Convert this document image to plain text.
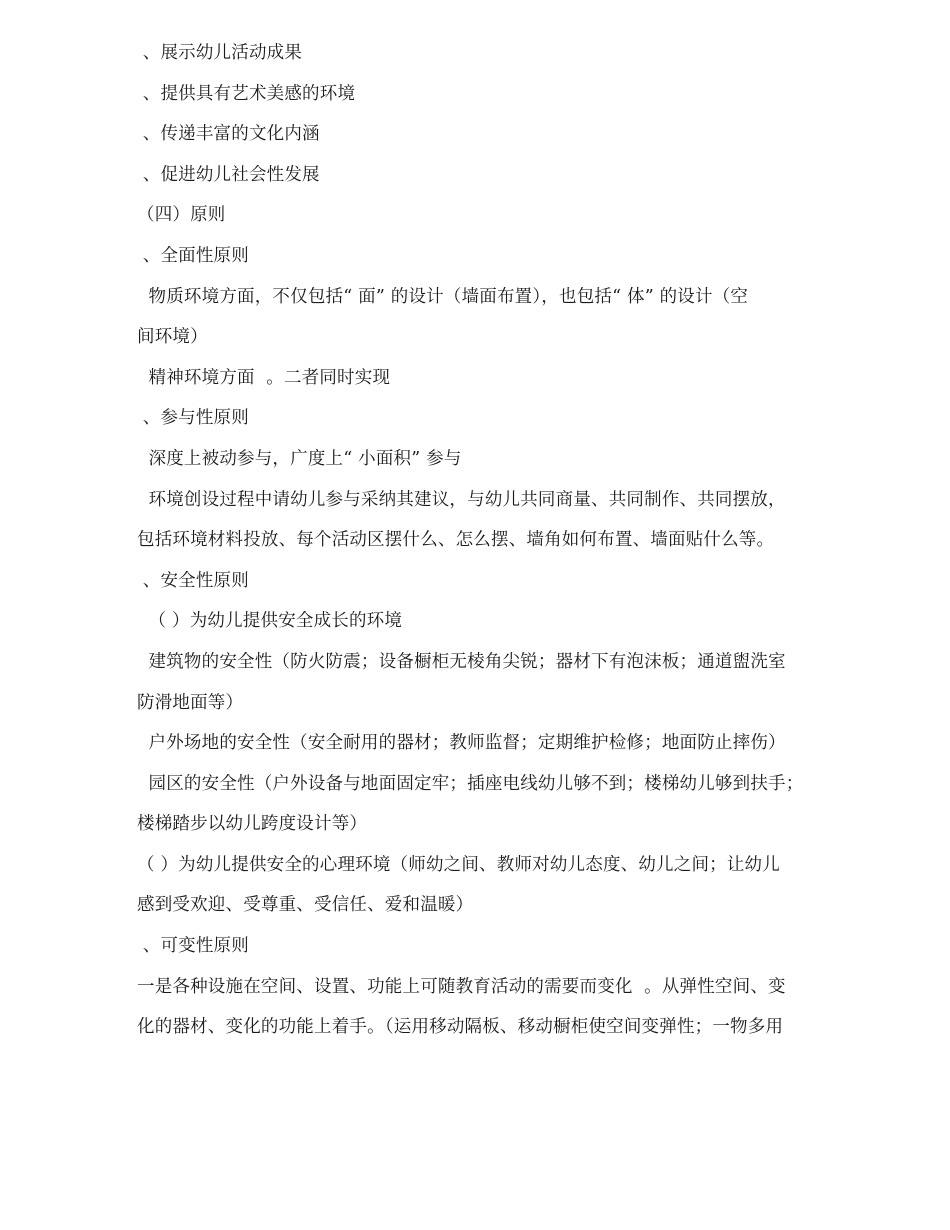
、展示幼儿活动成果
、提供具有艺术美感的环境
、传递丰富的文化内涵
、促进幼儿社会性发展
（四）原则
、全面性原则
物质环境方面，不仅包括“ 面” 的设计（墙面布置），也包括“ 体” 的设计（空
间环境）
精神环境方面  。二者同时实现
、参与性原则
深度上被动参与，广度上“ 小面积” 参与
环境创设过程中请幼儿参与采纳其建议，与幼儿共同商量、共同制作、共同摆放，
包括环境材料投放、每个活动区摆什么、怎么摆、墙角如何布置、墙面贴什么等。
、安全性原则
（ ）为幼儿提供安全成长的环境
建筑物的安全性（防火防震；设备橱柜无棱角尖锐；器材下有泡沫板；通道盥洗室
防滑地面等）
户外场地的安全性（安全耐用的器材；教师监督；定期维护检修；地面防止摔伤）
园区的安全性（户外设备与地面固定牢；插座电线幼儿够不到；楼梯幼儿够到扶手；
楼梯踏步以幼儿跨度设计等）
（ ）为幼儿提供安全的心理环境（师幼之间、教师对幼儿态度、幼儿之间；让幼儿
感到受欢迎、受尊重、受信任、爱和温暖）
、可变性原则
一是各种设施在空间、设置、功能上可随教育活动的需要而变化  。从弹性空间、变
化的器材、变化的功能上着手。（运用移动隔板、移动橱柜使空间变弹性；一物多用
